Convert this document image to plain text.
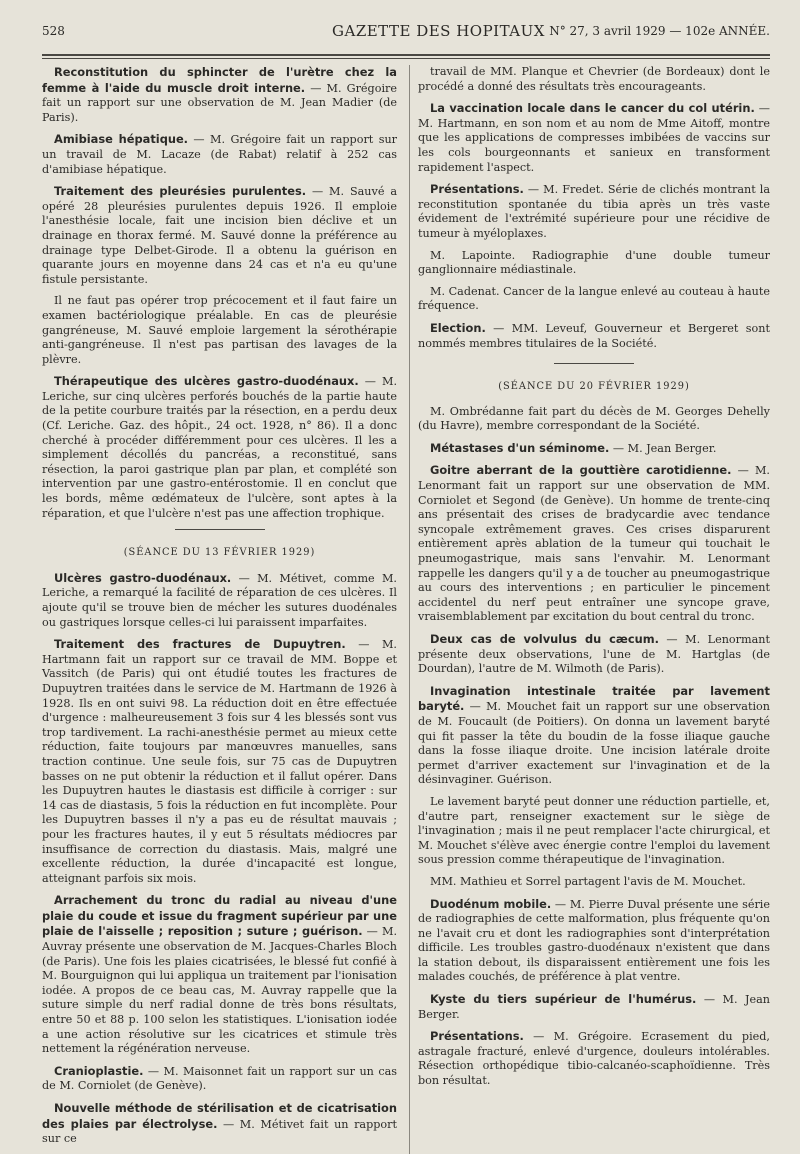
528	GAZETTE DES HOPITAUX N° 27, 3 avril 1929 — 102e ANNÉE.

Reconstitution du sphincter de l'urètre chez la femme à l'aide du muscle droit interne. — M. Grégoire fait un rapport sur une observation de M. Jean Madier (de Paris).

Amibiase hépatique. — M. Grégoire fait un rapport sur un travail de M. Lacaze (de Rabat) relatif à 252 cas d'amibiase hépatique.

Traitement des pleurésies purulentes. — M. Sauvé a opéré 28 pleurésies purulentes depuis 1926. Il emploie l'anesthésie locale, fait une incision bien déclive et un drainage en thorax fermé. M. Sauvé donne la préférence au drainage type Delbet-Girode. Il a obtenu la guérison en quarante jours en moyenne dans 24 cas et n'a eu qu'une fistule persistante.

Il ne faut pas opérer trop précocement et il faut faire un examen bactériologique préalable. En cas de pleurésie gangréneuse, M. Sauvé emploie largement la sérothérapie anti-gangréneuse. Il n'est pas partisan des lavages de la plèvre.

Thérapeutique des ulcères gastro-duodénaux. — M. Leriche, sur cinq ulcères perforés bouchés de la partie haute de la petite courbure traités par la résection, en a perdu deux (Cf. Leriche. Gaz. des hôpit., 24 oct. 1928, n° 86). Il a donc cherché à procéder différemment pour ces ulcères. Il les a simplement décollés du pancréas, a reconstitué, sans résection, la paroi gastrique plan par plan, et complété son intervention par une gastro-entérostomie. Il en conclut que les bords, même œdémateux de l'ulcère, sont aptes à la réparation, et que l'ulcère n'est pas une affection trophique.

(SÉANCE DU 13 FÉVRIER 1929)

Ulcères gastro-duodénaux. — M. Métivet, comme M. Leriche, a remarqué la facilité de réparation de ces ulcères. Il ajoute qu'il se trouve bien de mécher les sutures duodénales ou gastriques lorsque celles-ci lui paraissent imparfaites.

Traitement des fractures de Dupuytren. — M. Hartmann fait un rapport sur ce travail de MM. Boppe et Vassitch (de Paris) qui ont étudié toutes les fractures de Dupuytren traitées dans le service de M. Hartmann de 1926 à 1928. Ils en ont suivi 98. La réduction doit en être effectuée d'urgence : malheureusement 3 fois sur 4 les blessés sont vus trop tardivement. La rachi-anesthésie permet au mieux cette réduction, faite toujours par manœuvres manuelles, sans traction continue. Une seule fois, sur 75 cas de Dupuytren basses on ne put obtenir la réduction et il fallut opérer. Dans les Dupuytren hautes le diastasis est difficile à corriger : sur 14 cas de diastasis, 5 fois la réduction en fut incomplète. Pour les Dupuytren basses il n'y a pas eu de résultat mauvais ; pour les fractures hautes, il y eut 5 résultats médiocres par insuffisance de correction du diastasis. Mais, malgré une excellente réduction, la durée d'incapacité est longue, atteignant parfois six mois.

Arrachement du tronc du radial au niveau d'une plaie du coude et issue du fragment supérieur par une plaie de l'aisselle ; reposition ; suture ; guérison. — M. Auvray présente une observation de M. Jacques-Charles Bloch (de Paris). Une fois les plaies cicatrisées, le blessé fut confié à M. Bourguignon qui lui appliqua un traitement par l'ionisation iodée. A propos de ce beau cas, M. Auvray rappelle que la suture simple du nerf radial donne de très bons résultats, entre 50 et 88 p. 100 selon les statistiques. L'ionisation iodée a une action résolutive sur les cicatrices et stimule très nettement la régénération nerveuse.

Cranioplastie. — M. Maisonnet fait un rapport sur un cas de M. Corniolet (de Genève).

Nouvelle méthode de stérilisation et de cicatrisation des plaies par électrolyse. — M. Métivet fait un rapport sur ce

travail de MM. Planque et Chevrier (de Bordeaux) dont le procédé a donné des résultats très encourageants.

La vaccination locale dans le cancer du col utérin. — M. Hartmann, en son nom et au nom de Mme Aitoff, montre que les applications de compresses imbibées de vaccins sur les cols bourgeonnants et sanieux en transforment rapidement l'aspect.

Présentations. — M. Fredet. Série de clichés montrant la reconstitution spontanée du tibia après un très vaste évidement de l'extrémité supérieure pour une récidive de tumeur à myéloplaxes.

M. Lapointe. Radiographie d'une double tumeur ganglionnaire médiastinale.

M. Cadenat. Cancer de la langue enlevé au couteau à haute fréquence.

Election. — MM. Leveuf, Gouverneur et Bergeret sont nommés membres titulaires de la Société.

(SÉANCE DU 20 FÉVRIER 1929)

M. Ombrédanne fait part du décès de M. Georges Dehelly (du Havre), membre correspondant de la Société.

Métastases d'un séminome. — M. Jean Berger.

Goitre aberrant de la gouttière carotidienne. — M. Lenormant fait un rapport sur une observation de MM. Corniolet et Segond (de Genève). Un homme de trente-cinq ans présentait des crises de bradycardie avec tendance syncopale extrêmement graves. Ces crises disparurent entièrement après ablation de la tumeur qui touchait le pneumogastrique, mais sans l'envahir. M. Lenormant rappelle les dangers qu'il y a de toucher au pneumogastrique au cours des interventions ; en particulier le pincement accidentel du nerf peut entraîner une syncope grave, vraisemblablement par excitation du bout central du tronc.

Deux cas de volvulus du cæcum. — M. Lenormant présente deux observations, l'une de M. Hartglas (de Dourdan), l'autre de M. Wilmoth (de Paris).

Invagination intestinale traitée par lavement baryté. — M. Mouchet fait un rapport sur une observation de M. Foucault (de Poitiers). On donna un lavement baryté qui fit passer la tête du boudin de la fosse iliaque gauche dans la fosse iliaque droite. Une incision latérale droite permet d'arriver exactement sur l'invagination et de la désinvaginer. Guérison.

Le lavement baryté peut donner une réduction partielle, et, d'autre part, renseigner exactement sur le siège de l'invagination ; mais il ne peut remplacer l'acte chirurgical, et M. Mouchet s'élève avec énergie contre l'emploi du lavement sous pression comme thérapeutique de l'invagination.

MM. Mathieu et Sorrel partagent l'avis de M. Mouchet.

Duodénum mobile. — M. Pierre Duval présente une série de radiographies de cette malformation, plus fréquente qu'on ne l'avait cru et dont les radiographies sont d'interprétation difficile. Les troubles gastro-duodénaux n'existent que dans la station debout, ils disparaissent entièrement une fois les malades couchés, de préférence à plat ventre.

Kyste du tiers supérieur de l'humérus. — M. Jean Berger.

Présentations. — M. Grégoire. Ecrasement du pied, astragale fracturé, enlevé d'urgence, douleurs intolérables. Résection orthopédique tibio-calcanéo-scaphoïdienne. Très bon résultat.
